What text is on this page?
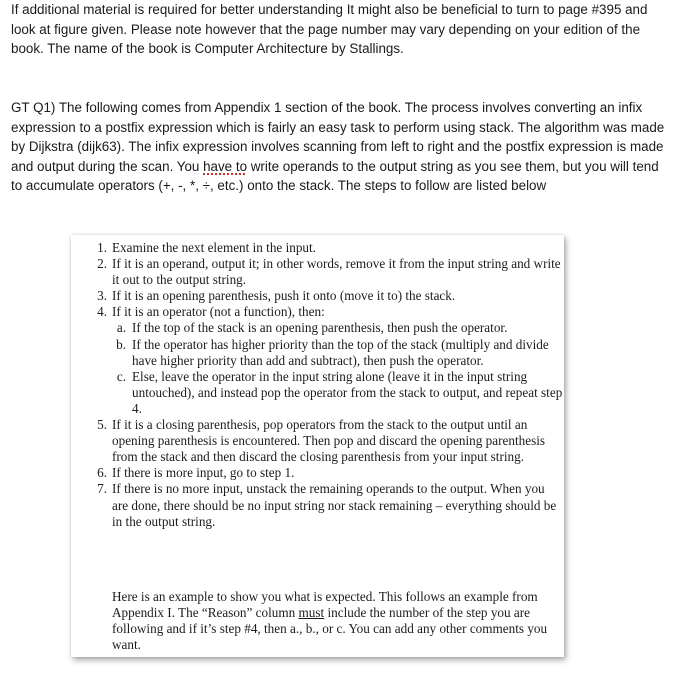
If additional material is required for better understanding It might also be beneficial to turn to page #395 and look at figure given. Please note however that the page number may vary depending on your edition of the book. The name of the book is Computer Architecture by Stallings.

GT Q1) The following comes from Appendix 1 section of the book. The process involves converting an infix expression to a postfix expression which is fairly an easy task to perform using stack. The algorithm was made by Dijkstra (dijk63). The infix expression involves scanning from left to right and the postfix expression is made and output during the scan. You have to write operands to the output string as you see them, but you will tend to accumulate operators (+, -, *, ÷, etc.) onto the stack. The steps to follow are listed below

1. Examine the next element in the input.
2. If it is an operand, output it; in other words, remove it from the input string and write it out to the output string.
3. If it is an opening parenthesis, push it onto (move it to) the stack.
4. If it is an operator (not a function), then:
a. If the top of the stack is an opening parenthesis, then push the operator.
b. If the operator has higher priority than the top of the stack (multiply and divide have higher priority than add and subtract), then push the operator.
c. Else, leave the operator in the input string alone (leave it in the input string untouched), and instead pop the operator from the stack to output, and repeat step 4.
5. If it is a closing parenthesis, pop operators from the stack to the output until an opening parenthesis is encountered. Then pop and discard the opening parenthesis from the stack and then discard the closing parenthesis from your input string.
6. If there is more input, go to step 1.
7. If there is no more input, unstack the remaining operands to the output. When you are done, there should be no input string nor stack remaining – everything should be in the output string.

Here is an example to show you what is expected. This follows an example from Appendix I. The “Reason” column must include the number of the step you are following and if it’s step #4, then a., b., or c. You can add any other comments you want.
